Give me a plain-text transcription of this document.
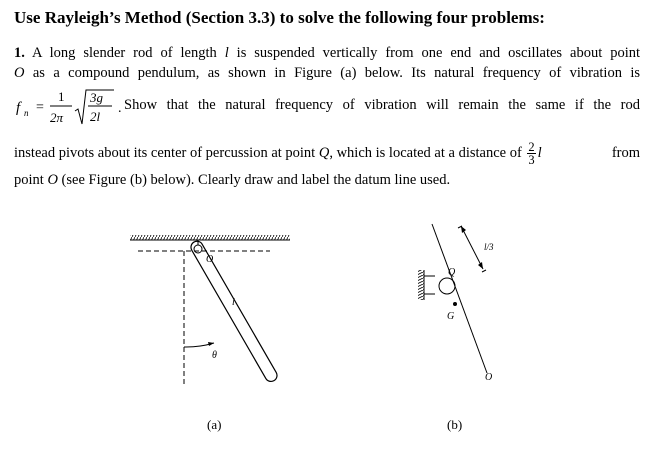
Use Rayleigh’s Method (Section 3.3) to solve the following four problems:
1. A long slender rod of length l is suspended vertically from one end and oscillates about point
O as a compound pendulum, as shown in Figure (a) below. Its natural frequency of vibration is
f n =
1
2π
3g
2l
. Show that the natural frequency of vibration will remain the same if the rod
instead pivots about its center of percussion at point Q, which is located at a distance of $\frac{2}{3}$ l	from
point O (see Figure (b) below). Clearly draw and label the datum line used.
O
l
θ
(a)
l/3
Q
G
O
(b)
